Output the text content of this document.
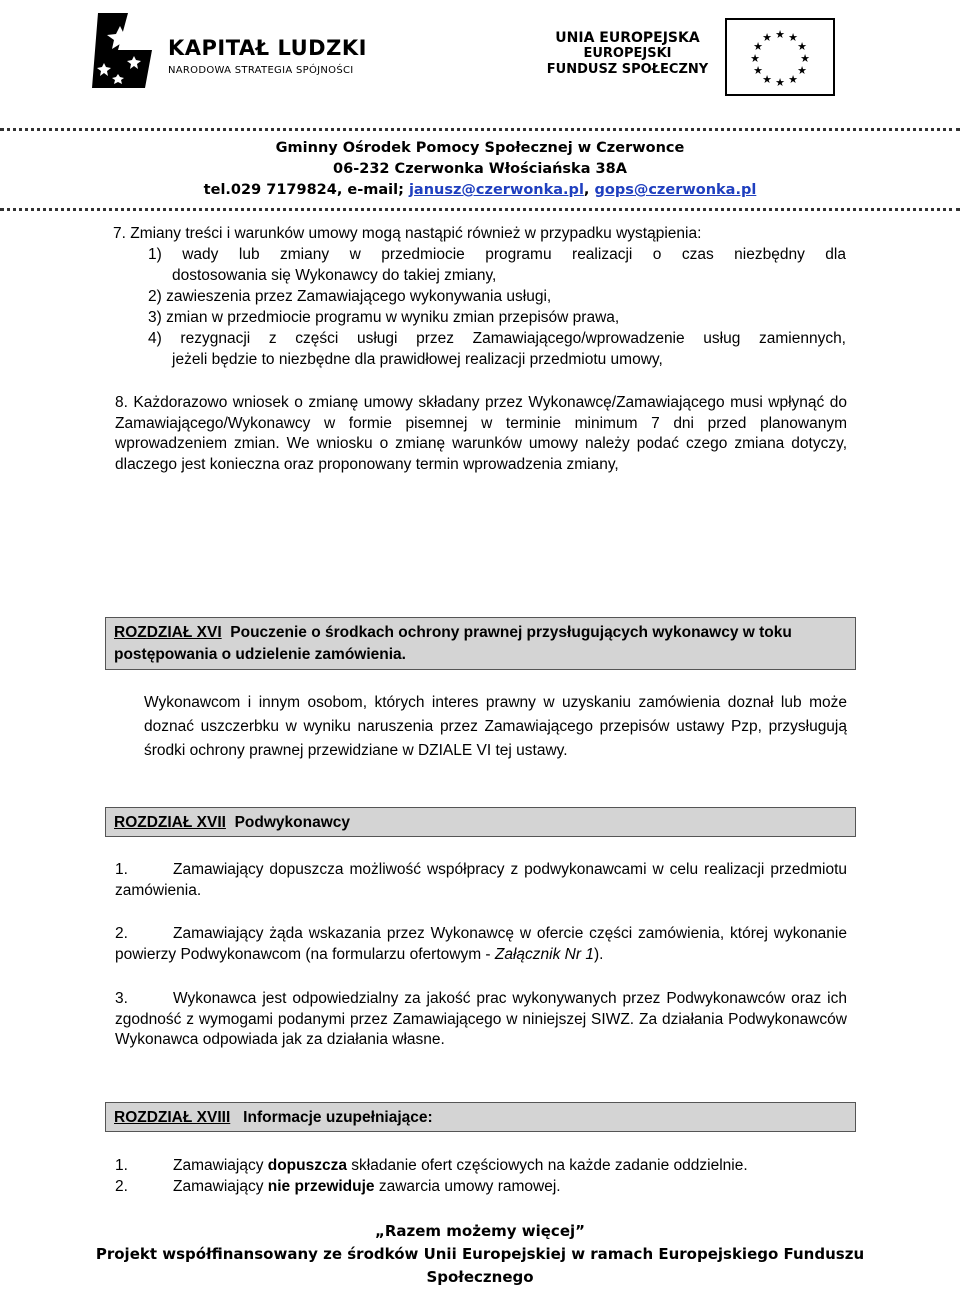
KAPITAŁ LUDZKI
NARODOWA STRATEGIA SPÓJNOŚCI
UNIA EUROPEJSKA
EUROPEJSKI
FUNDUSZ SPOŁECZNY
★ ★
★
★
★
★
★
★
★
★
★
★
Gminny Ośrodek Pomocy Społecznej w Czerwonce
06-232 Czerwonka Włościańska 38A
tel.029 7179824, e-mail; janusz@czerwonka.pl, gops@czerwonka.pl
7. Zmiany treści i warunków umowy mogą nastąpić również w przypadku wystąpienia:
1) wady lub zmiany w przedmiocie programu realizacji o czas niezbędny dla
dostosowania się Wykonawcy do takiej zmiany,
2) zawieszenia przez Zamawiającego wykonywania usługi,
3) zmian w przedmiocie programu w wyniku zmian przepisów prawa,
4) rezygnacji z części usługi przez Zamawiającego/wprowadzenie usług zamiennych,
jeżeli będzie to niezbędne dla prawidłowej realizacji przedmiotu umowy,
8. Każdorazowo wniosek o zmianę umowy składany przez Wykonawcę/Zamawiającego musi wpłynąć do Zamawiającego/Wykonawcy w formie pisemnej w terminie minimum 7 dni przed planowanym wprowadzeniem zmian. We wniosku o zmianę warunków umowy należy podać czego zmiana dotyczy, dlaczego jest konieczna oraz proponowany termin wprowadzenia zmiany,
ROZDZIAŁ XVI Pouczenie o środkach ochrony prawnej przysługujących wykonawcy w toku postępowania o udzielenie zamówienia.
Wykonawcom i innym osobom, których interes prawny w uzyskaniu zamówienia doznał lub może doznać uszczerbku w wyniku naruszenia przez Zamawiającego przepisów ustawy Pzp, przysługują środki ochrony prawnej przewidziane w DZIALE VI tej ustawy.
ROZDZIAŁ XVII Podwykonawcy
1.	Zamawiający dopuszcza możliwość współpracy z podwykonawcami w celu realizacji przedmiotu zamówienia.
2.	Zamawiający żąda wskazania przez Wykonawcę w ofercie części zamówienia, której wykonanie powierzy Podwykonawcom (na formularzu ofertowym - Załącznik Nr 1).
3.	Wykonawca jest odpowiedzialny za jakość prac wykonywanych przez Podwykonawców oraz ich zgodność z wymogami podanymi przez Zamawiającego w niniejszej SIWZ. Za działania Podwykonawców Wykonawca odpowiada jak za działania własne.
ROZDZIAŁ XVIII Informacje uzupełniające:
1.	Zamawiający dopuszcza składanie ofert częściowych na każde zadanie oddzielnie.
2.	Zamawiający nie przewiduje zawarcia umowy ramowej.
„Razem możemy więcej”
Projekt współfinansowany ze środków Unii Europejskiej w ramach Europejskiego Funduszu
Społecznego
